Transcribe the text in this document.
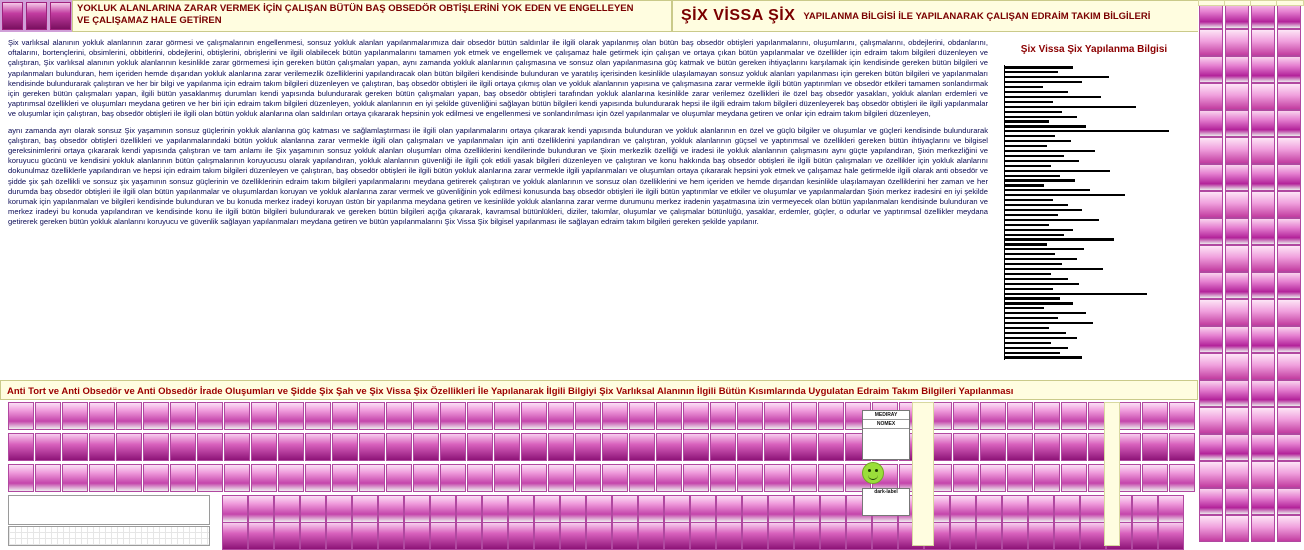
YOKLUK ALANLARINA ZARAR VERMEK İÇİN ÇALIŞAN BÜTÜN BAŞ OBSEDÖR OBTİŞLERİNİ YOK EDEN VE ENGELLEYEN
VE ÇALIŞAMAZ HALE GETİREN	ŞİX VİSSA ŞİX YAPILANMA BİLGİSİ İLE YAPILANARAK ÇALIŞAN EDRAİM TAKIM BİLGİLERİ

Şix varlıksal alanının yokluk alanlarının zarar görmesi ve çalışmalarının engellenmesi, sonsuz yokluk alanları yapılanmalarımıza dair obsedör bütün saldırılar ile ilgili olarak yapılanmış olan bütün baş obsedör obtişleri yapılanmalarını, oluşumlarını, çalışmalarını, obdejlerini, obdanlarını, oftalarını, bortençlerini, obsimlerini, obbitlerini, obdejlerini, obtişlerini, obrişlerini ve ilgili olabilecek bütün yapılanmalarını tamamen yok etmek ve engellemek ve çalışamaz hale getirmek için çalışan ve ortaya çıkan bütün yapılanmalar ve özellikler için edraim takım bilgileri düzenleyen ve çalıştıran, Şix varlıksal alanının yokluk alanlarının kesinlikle zarar görmemesi için gereken bütün çalışmaları yapan, aynı zamanda yokluk alanlarının çalışmasına ve sonsuz olan yapılanmasına güç katmak ve bütün gereken ihtiyaçlarını karşılamak için kendisinde gereken bütün bilgileri ve yapılanmaları bulunduran, hem içeriden hemde dışarıdan yokluk alanlarına zarar verilemezlik özelliklerini yapılandıracak olan bütün bilgileri kendisinde bulunduran ve yaratılış içerisinden kesinlikle ulaşılamayan sonsuz yokluk alanları yapılanması için gereken bütün bilgileri ve yapılanmaları kendisinde bulundurarak çalıştıran ve her bir bilgi ve yapılanma için edraim takım bilgileri düzenleyen ve çalıştıran, baş obsedör obtişleri ile ilgili ortaya çıkmış olan ve yokluk alanlarının yapısına ve çalışmasına zarar vermekle ilgili bütün yaptırımları ve obsedör etkileri tamamen sonlandırmak için gereken bütün çalışmaları yapan, ilgili bütün yasaklanmış durumları kendi yapısında bulundurarak gereken bütün çalışmaları yapan, baş obsedör obtişleri tarafından yokluk alanlarına kesinlikle zarar verilemez özellikleri ile özel baş obsedör yasakları, yokluk alanları erdemleri ve yaptırımsal özellikleri ve oluşumları meydana getiren ve her biri için edraim takım bilgileri düzenleyen, yokluk alanlarının en iyi şekilde güvenliğini sağlayan bütün bilgileri kendi yapısında bulundurarak hepsi ile ilgili edraim takım bilgileri düzenleyerek baş obsedör obtişleri ile ilgili yapılanmalar ve oluşumlar için çalıştıran, baş obsedör obtişleri ile ilgili olan bütün yokluk alanlarına olan saldırıları ortaya çıkararak hepsinin yok edilmesi ve engellenmesi ve sonlandırılması için özel yapılanmalar ve oluşumlar meydana getiren ve onlar için edraim takım bilgileri düzenleyen,

aynı zamanda ayrı olarak sonsuz Şix yaşamının sonsuz güçlerinin yokluk alanlarına güç katması ve sağlamlaştırması ile ilgili olan yapılanmalarını ortaya çıkararak kendi yapısında bulunduran ve yokluk alanlarının en özel ve güçlü bilgiler ve oluşumlar ve güçleri kendisinde bulundurarak çalıştıran, baş obsedör obtişleri özellikleri ve yapılanmalarındaki bütün yokluk alanlarına zarar vermekle ilgili olan çalışmaları ve yapılanmaları için anti özelliklerini yapılandıran ve çalıştıran, yokluk alanlarının güçsel ve yaptırımsal ve özellikleri gereken bütün ihtiyaçlarını ve bilgisel gereksinimlerini ortaya çıkararak kendi yapısında çalıştıran ve tam anlamı ile Şix yaşamının sonsuz yokluk alanları oluşumları olma özelliklerini kendilerinde bulunduran ve Şixin merkezlik özelliği ve iradesi ile yokluk alanlarının çalışmasını aynı güçte yapılandıran, Şixin merkezliğini ve koruyucu gücünü ve kendisini yokluk alanlarının bütün çalışmalarının koruyucusu olarak yapılandıran, yokluk alanlarının güvenliği ile ilgili çok etkili yasak bilgileri düzenleyen ve çalıştıran ve konu hakkında baş obsedör obtişleri ile ilgili bütün çalışmaları ve özellikler için yokluk alanlarını dokunulmaz özelliklerle yapılandıran ve hepsi için edraim takım bilgileri düzenleyen ve çalıştıran, baş obsedör obtişleri ile ilgili bütün yokluk alanlarına zarar vermekle ilgili yapılanmaları ve oluşumları ortaya çıkararak hepsini yok etmek ve çalışamaz hale getirmekle ilgili olarak anti obsedör ve şidde şix şah özellikli ve sonsuz şix yaşamının sonsuz güçlerinin ve özelliklerinin edraim takım bilgileri yapılanmalarını meydana getirerek çalıştıran ve yokluk alanlarının ve sonsuz olan özelliklerini ve hem içeriden ve hemde dışarıdan kesinlikle ulaşılamayan özelliklerini her zaman ve her durumda baş obsedör obtişleri ile ilgili olan bütün yapılanmalar ve oluşumlardan koruyan ve yokluk alanlarına zarar vermek ve güvenliğinin yok edilmesi konusunda baş obsedör obtişleri ile ilgili bütün yaptırımlar ve etkiler ve oluşumlar ve yapılanmalardan Şixin merkez iradesini en iyi şekilde korumak için yapılanmaları ve bilgileri kendisinde bulunduran ve bu konuda merkez iradeyi koruyan üstün bir yapılanma meydana getiren ve kesinlikle yokluk alanlarına zarar verme durumunu merkez iradenin yaşatmasına izin vermeyecek olan bütün yapılanmaları kendisinde bulunduran ve merkez iradeyi bu konuda yapılandıran ve kendisinde konu ile ilgili bütün bilgileri bulundurarak ve gereken bütün bilgileri açığa çıkararak, kavramsal bütünlükleri, diziler, takımlar, oluşumlar ve çalışmalar bütünlüğü, yasaklar, erdemler, güçler, o odurlar ve yaptırımsal özellikler meydana getirerek gereken bütün yokluk alanlarını koruyucu ve güvenlik sağlayan yapılanmaları meydana getiren ve bütün yapılanmalarını Şix Vissa Şix bilgisel yapılanması ile sağlayan edraim takım bilgileri gereken şekilde yapılanır.

Şix Vissa Şix Yapılanma Bilgisi
Anti Tort ve Anti Obsedör ve Anti Obsedör İrade Oluşumları ve Şidde Şix Şah ve Şix Vissa Şix Özellikleri İle Yapılanarak İlgili Bilgiyi Şix Varlıksal Alanının İlgili Bütün Kısımlarında Uygulatan Edraim Takım Bilgileri Yapılanması
MEDIRAY
NOMEX
dark-label
